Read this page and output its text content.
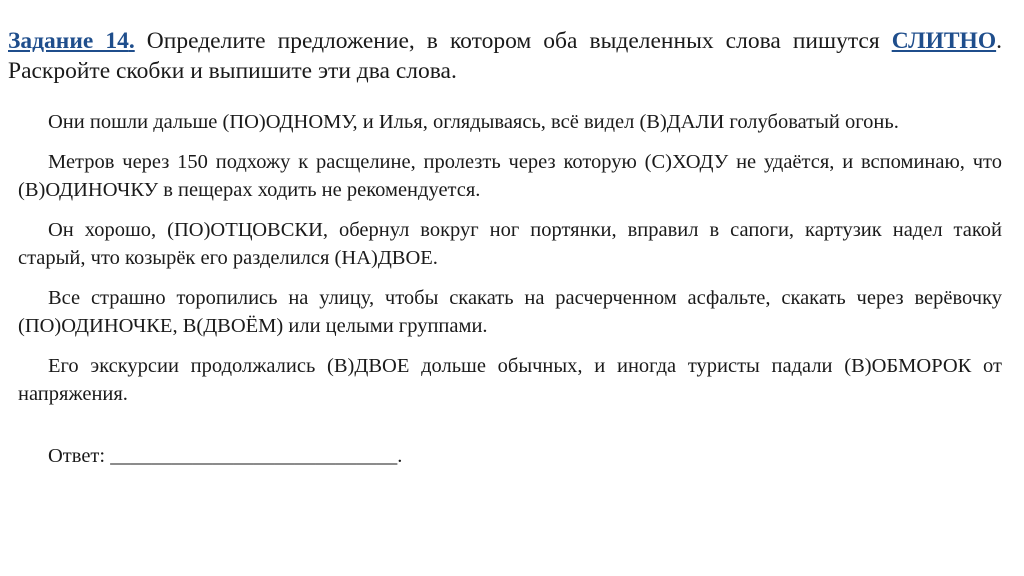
Задание 14. Определите предложение, в котором оба выделенных слова пишутся СЛИТНО. Раскройте скобки и выпишите эти два слова.

Они пошли дальше (ПО)ОДНОМУ, и Илья, оглядываясь, всё видел (В)ДАЛИ голубоватый огонь.

Метров через 150 подхожу к расщелине, пролезть через которую (С)ХОДУ не удаётся, и вспоминаю, что (В)ОДИНОЧКУ в пещерах ходить не рекомендуется.

Он хорошо, (ПО)ОТЦОВСКИ, обернул вокруг ног портянки, вправил в сапоги, картузик надел такой старый, что козырёк его разделился (НА)ДВОЕ.

Все страшно торопились на улицу, чтобы скакать на расчерченном асфальте, скакать через верёвочку (ПО)ОДИНОЧКЕ, В(ДВОЁМ) или целыми группами.

Его экскурсии продолжались (В)ДВОЕ дольше обычных, и иногда туристы падали (В)ОБМОРОК от напряжения.

Ответ: ____________________________.
